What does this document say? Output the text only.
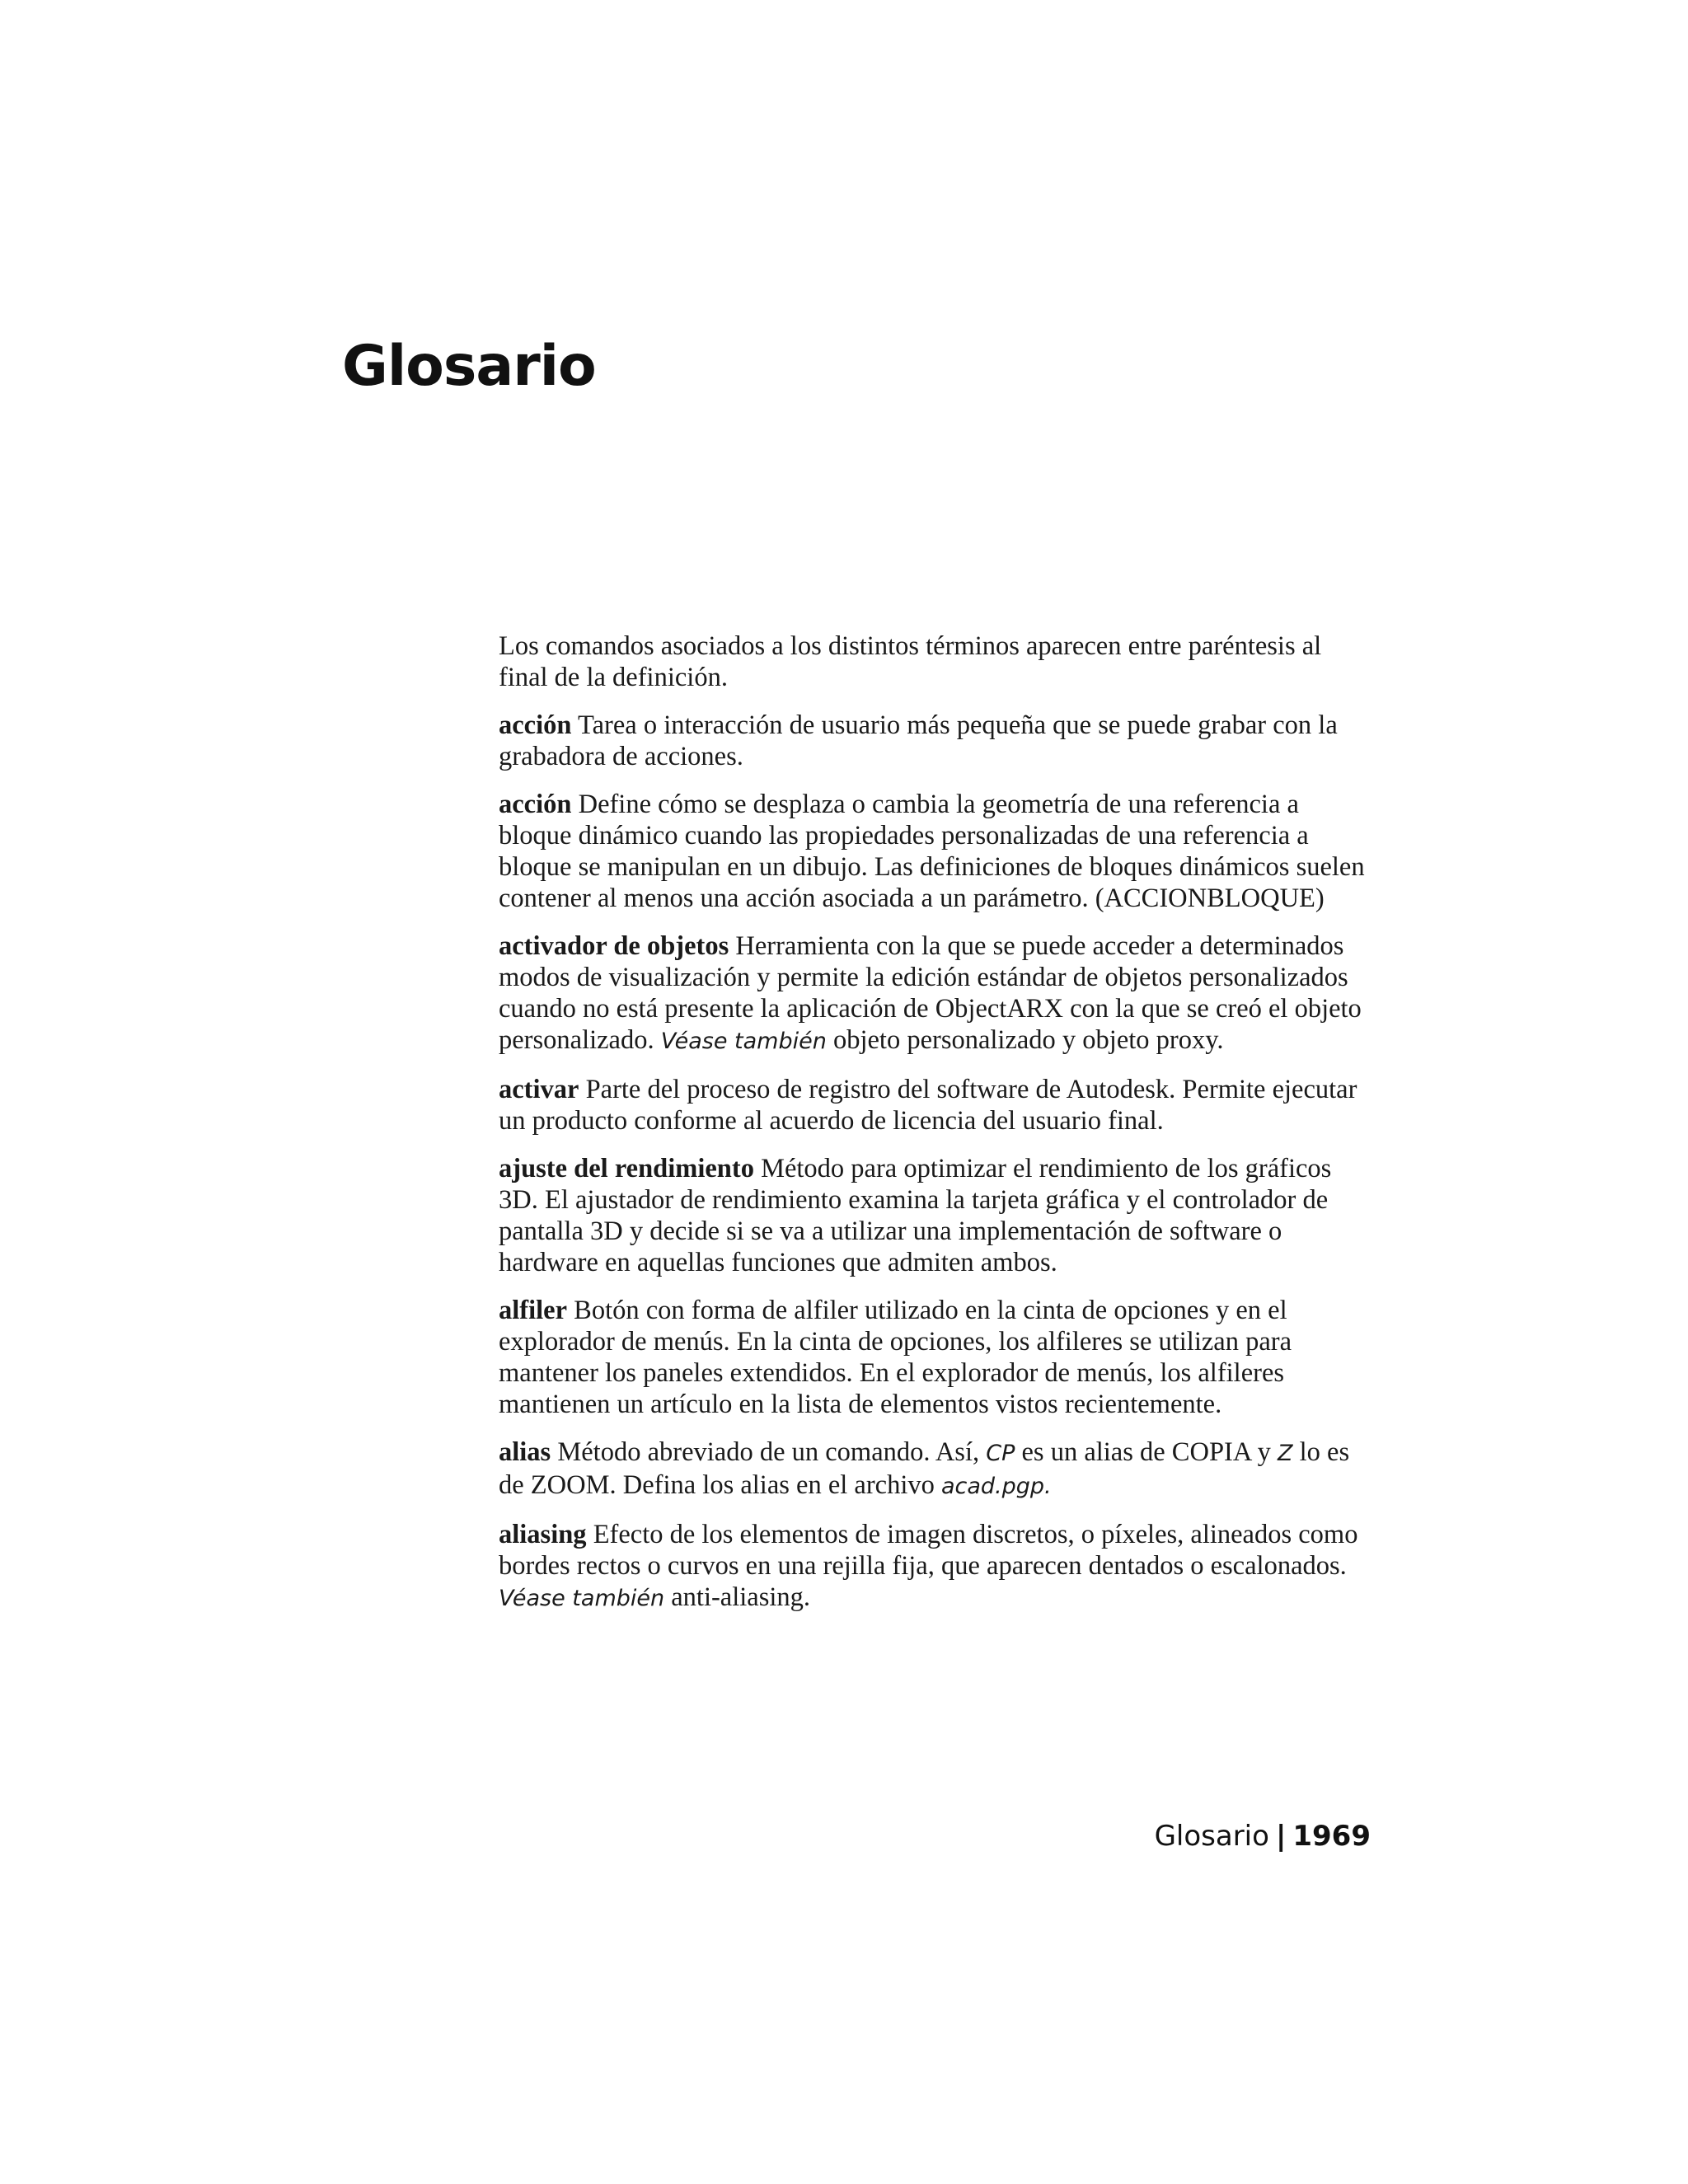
Glosario

Los comandos asociados a los distintos términos aparecen entre paréntesis al final de la definición.

acción Tarea o interacción de usuario más pequeña que se puede grabar con la grabadora de acciones.

acción Define cómo se desplaza o cambia la geometría de una referencia a bloque dinámico cuando las propiedades personalizadas de una referencia a bloque se manipulan en un dibujo. Las definiciones de bloques dinámicos suelen contener al menos una acción asociada a un parámetro. (ACCIONBLOQUE)

activador de objetos Herramienta con la que se puede acceder a determinados modos de visualización y permite la edición estándar de objetos personalizados cuando no está presente la aplicación de ObjectARX con la que se creó el objeto personalizado. Véase también objeto personalizado y objeto proxy.

activar Parte del proceso de registro del software de Autodesk. Permite ejecutar un producto conforme al acuerdo de licencia del usuario final.

ajuste del rendimiento Método para optimizar el rendimiento de los gráficos 3D. El ajustador de rendimiento examina la tarjeta gráfica y el controlador de pantalla 3D y decide si se va a utilizar una implementación de software o hardware en aquellas funciones que admiten ambos.

alfiler Botón con forma de alfiler utilizado en la cinta de opciones y en el explorador de menús. En la cinta de opciones, los alfileres se utilizan para mantener los paneles extendidos. En el explorador de menús, los alfileres mantienen un artículo en la lista de elementos vistos recientemente.

alias Método abreviado de un comando. Así, CP es un alias de COPIA y Z lo es de ZOOM. Defina los alias en el archivo acad.pgp.

aliasing Efecto de los elementos de imagen discretos, o píxeles, alineados como bordes rectos o curvos en una rejilla fija, que aparecen dentados o escalonados. Véase también anti-aliasing.

Glosario | 1969
